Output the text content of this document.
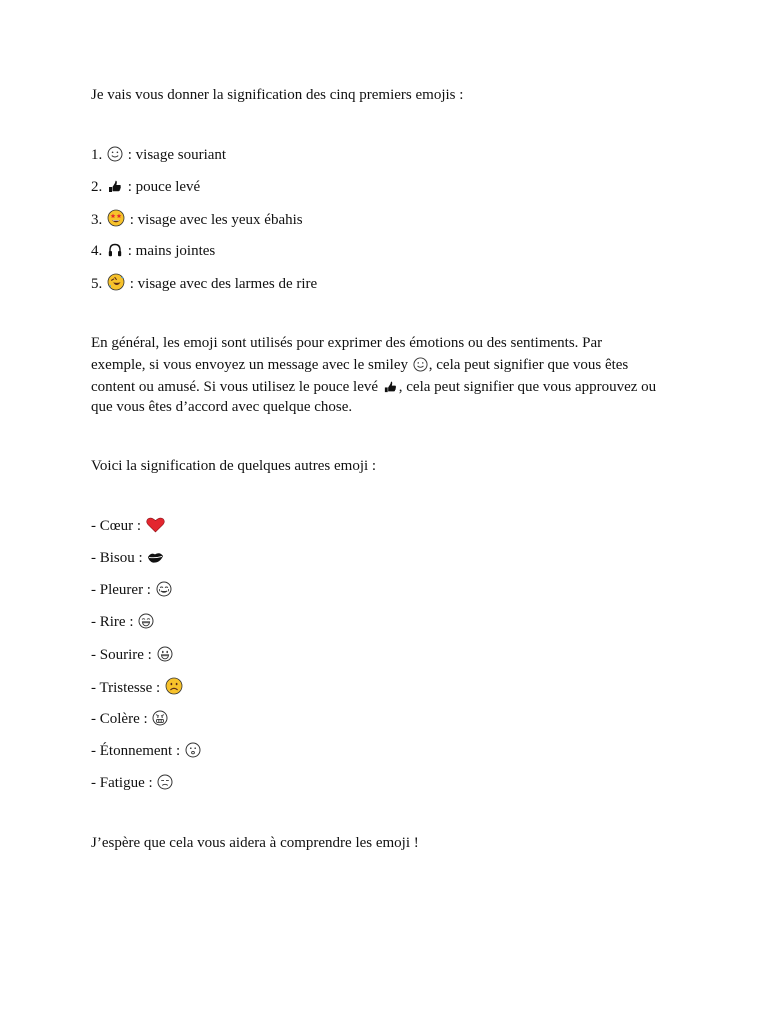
Je vais vous donner la signification des cinq premiers emojis :
1. : visage souriant
2. : pouce levé
3. : visage avec les yeux ébahis
4. : mains jointes
5. : visage avec des larmes de rire
En général, les emoji sont utilisés pour exprimer des émotions ou des sentiments. Par
exemple, si vous envoyez un message avec le smiley , cela peut signifier que vous êtes
content ou amusé. Si vous utilisez le pouce levé , cela peut signifier que vous approuvez ou
que vous êtes d’accord avec quelque chose.
Voici la signification de quelques autres emoji :
- Cœur :
- Bisou :
- Pleurer :
- Rire :
- Sourire :
- Tristesse :
- Colère :
- Étonnement :
- Fatigue :
J’espère que cela vous aidera à comprendre les emoji !
